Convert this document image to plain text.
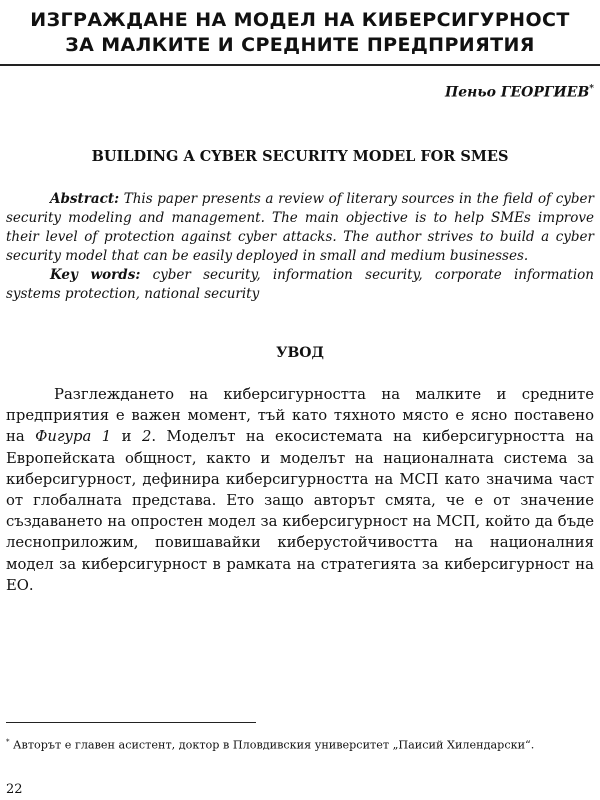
ИЗГРАЖДАНЕ НА МОДЕЛ НА КИБЕРСИГУРНОСТ
ЗА МАЛКИТЕ И СРЕДНИТЕ ПРЕДПРИЯТИЯ
Пеньо ГЕОРГИЕВ*
BUILDING A CYBER SECURITY MODEL FOR SMES

Abstract: This paper presents a review of literary sources in the field of cyber security modeling and management. The main objective is to help SMEs improve their level of protection against cyber attacks. The author strives to build a cyber security model that can be easily deployed in small and medium businesses.

Key words: cyber security, information security, corporate information systems protection, national security

УВОД

Разглеждането на киберсигурността на малките и средните предприятия е важен момент, тъй като тяхното място е ясно поставено на Фигура 1 и 2. Моделът на екосистемата на киберсигурността на Европейската общност, както и моделът на националната система за киберсигурност, дефинира киберсигурността на МСП като значима част от глобалната представа. Ето защо авторът смята, че е от значение създаването на опростен модел за киберсигурност на МСП, който да бъде лесноприложим, повишавайки киберустойчивостта на националния модел за киберсигурност в рамката на стратегията за киберсигурност на ЕО.

* Авторът е главен асистент, доктор в Пловдивския университет „Паисий Хилендарски“.

22
